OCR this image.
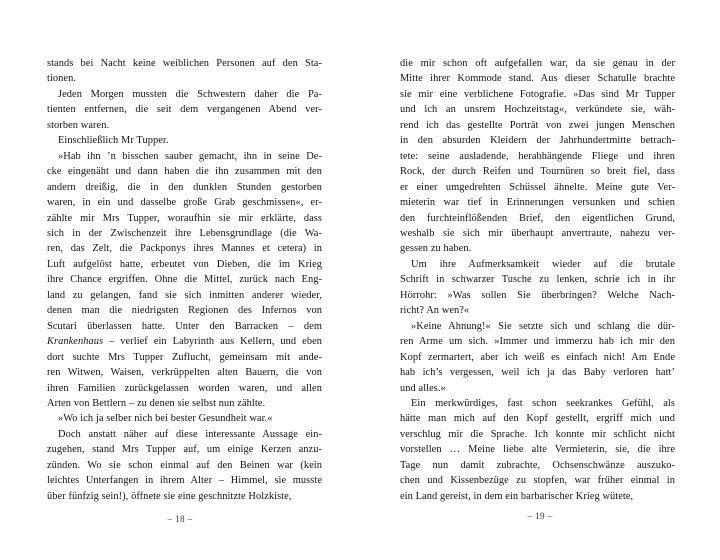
stands bei Nacht keine weiblichen Personen auf den Sta-
tionen.
Jeden Morgen mussten die Schwestern daher die Pa-
tienten entfernen, die seit dem vergangenen Abend ver-
storben waren.
Einschließlich Mr Tupper.
»Hab ihn ’n bisschen sauber gemacht, ihn in seine De-
cke eingenäht und dann haben die ihn zusammen mit den
andern dreißig, die in den dunklen Stunden gestorben
waren, in ein und dasselbe große Grab geschmissen«, er-
zählte mir Mrs Tupper, woraufhin sie mir erklärte, dass
sich in der Zwischenzeit ihre Lebensgrundlage (die Wa-
ren, das Zelt, die Packponys ihres Mannes et cetera) in
Luft aufgelöst hatte, erbeutet von Dieben, die im Krieg
ihre Chance ergriffen. Ohne die Mittel, zurück nach Eng-
land zu gelangen, fand sie sich inmitten anderer wieder,
denen man die niedrigsten Regionen des Infernos von
Scutari überlassen hatte. Unter den Barracken – dem
Krankenhaus – verlief ein Labyrinth aus Kellern, und eben
dort suchte Mrs Tupper Zuflucht, gemeinsam mit ande-
ren Witwen, Waisen, verkrüppelten alten Bauern, die von
ihren Familien zurückgelassen worden waren, und allen
Arten von Bettlern – zu denen sie selbst nun zählte.
»Wo ich ja selber nich bei bester Gesundheit war.«
Doch anstatt näher auf diese interessante Aussage ein-
zugehen, stand Mrs Tupper auf, um einige Kerzen anzu-
zünden. Wo sie schon einmal auf den Beinen war (kein
leichtes Unterfangen in ihrem Alter – Himmel, sie musste
über fünfzig sein!), öffnete sie eine geschnitzte Holzkiste,
– 18 –
die mir schon oft aufgefallen war, da sie genau in der
Mitte ihrer Kommode stand. Aus dieser Schatulle brachte
sie mir eine verblichene Fotografie. »Das sind Mr Tupper
und ich an unsrem Hochzeitstag«, verkündete sie, wäh-
rend ich das gestellte Porträt von zwei jungen Menschen
in den absurden Kleidern der Jahrhundertmitte betrach-
tete: seine ausladende, herabhängende Fliege und ihren
Rock, der durch Reifen und Tournüren so breit fiel, dass
er einer umgedrehten Schüssel ähnelte. Meine gute Ver-
mieterin war tief in Erinnerungen versunken und schien
den furchteinflößenden Brief, den eigentlichen Grund,
weshalb sie sich mir überhaupt anvertraute, nahezu ver-
gessen zu haben.
Um ihre Aufmerksamkeit wieder auf die brutale
Schrift in schwarzer Tusche zu lenken, schrie ich in ihr
Hörrohr: »Was sollen Sie überbringen? Welche Nach-
richt? An wen?«
»Keine Ahnung!« Sie setzte sich und schlang die dür-
ren Arme um sich. »Immer und immerzu hab ich mir den
Kopf zermartert, aber ich weiß es einfach nich! Am Ende
hab ich’s vergessen, weil ich ja das Baby verloren hatt’
und alles.«
Ein merkwürdiges, fast schon seekrankes Gefühl, als
hätte man mich auf den Kopf gestellt, ergriff mich und
verschlug mir die Sprache. Ich konnte mir schlicht nicht
vorstellen … Meine liebe alte Vermieterin, sie, die ihre
Tage nun damit zubrachte, Ochsenschwänze auszuko-
chen und Kissenbezüge zu stopfen, war früher einmal in
ein Land gereist, in dem ein barbarischer Krieg wütete,
– 19 –
